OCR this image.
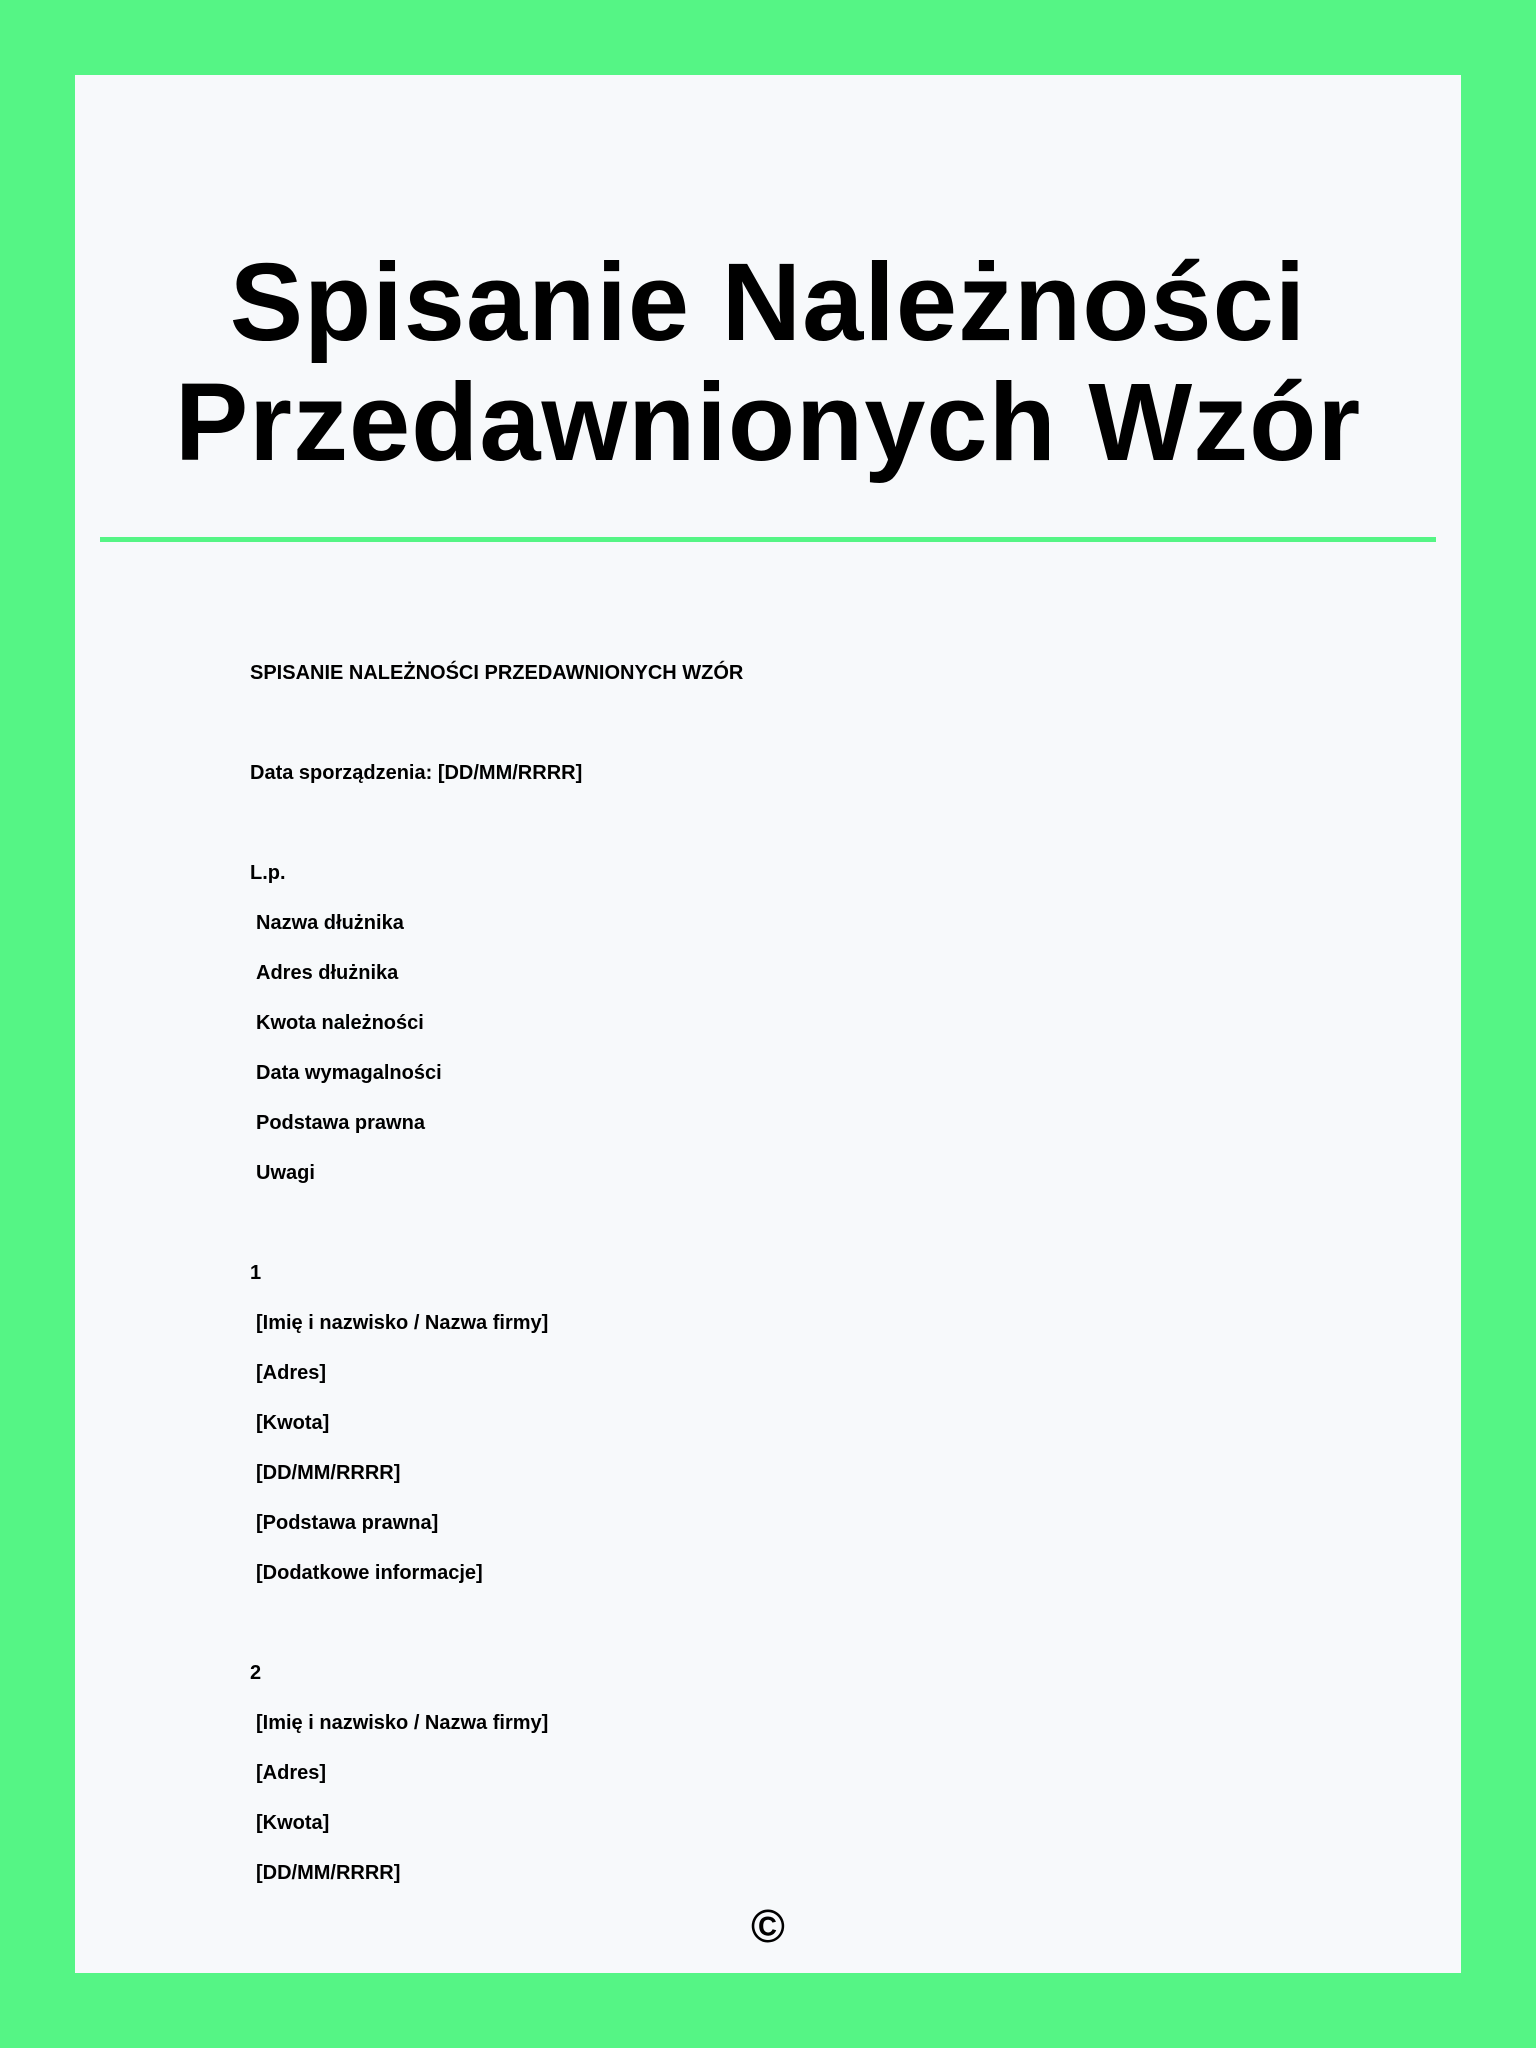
Spisanie Należności
Przedawnionych Wzór
SPISANIE NALEŻNOŚCI PRZEDAWNIONYCH WZÓR
Data sporządzenia: [DD/MM/RRRR]
L.p.
Nazwa dłużnika
Adres dłużnika
Kwota należności
Data wymagalności
Podstawa prawna
Uwagi
1
[Imię i nazwisko / Nazwa firmy]
[Adres]
[Kwota]
[DD/MM/RRRR]
[Podstawa prawna]
[Dodatkowe informacje]
2
[Imię i nazwisko / Nazwa firmy]
[Adres]
[Kwota]
[DD/MM/RRRR]
©
